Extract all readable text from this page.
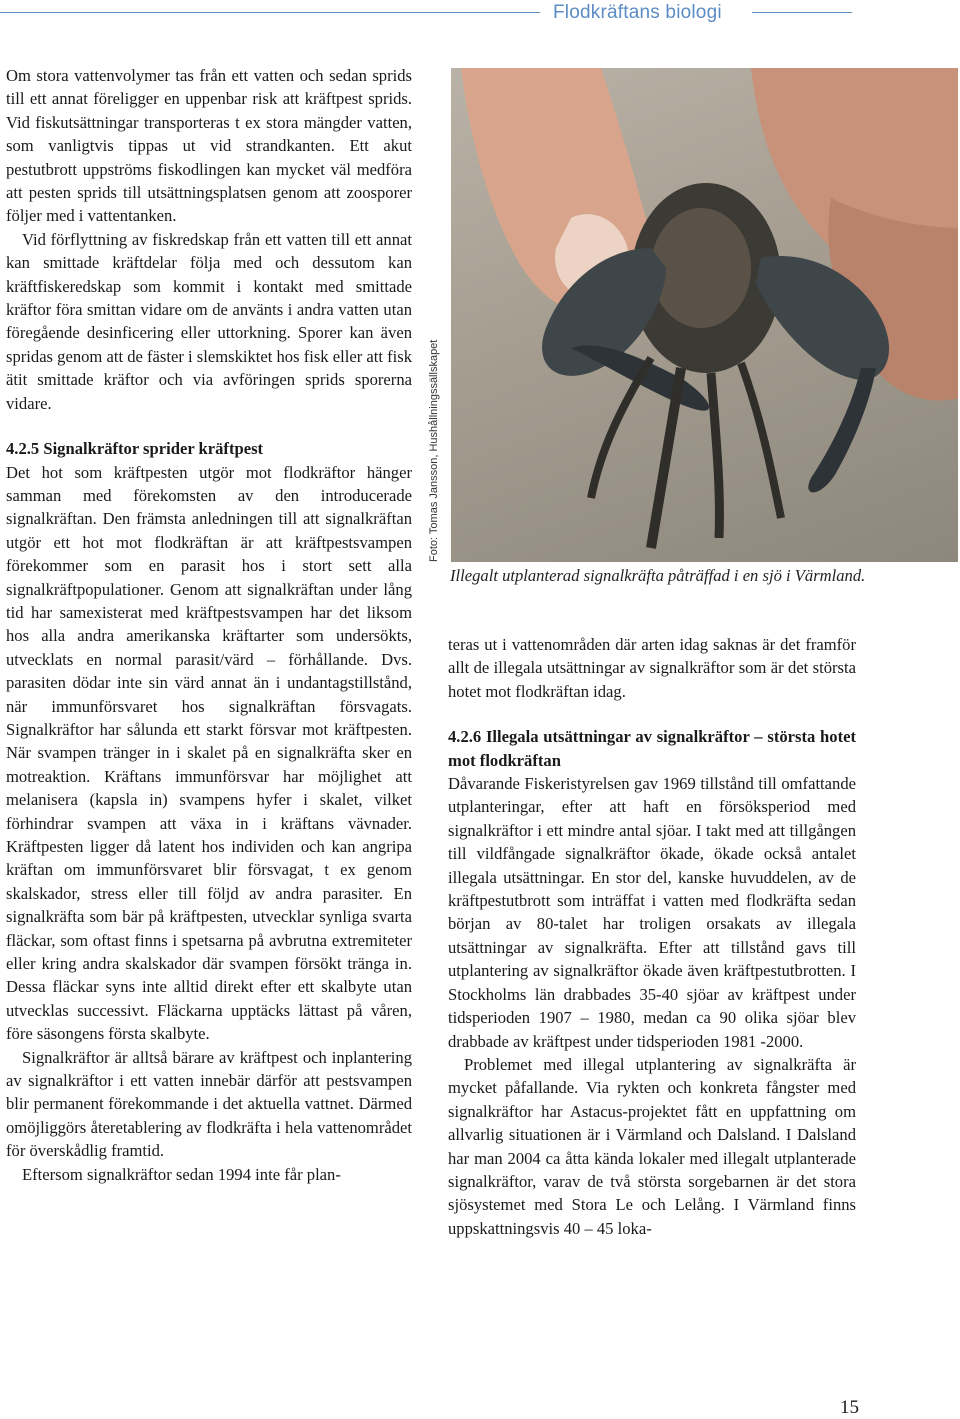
Flodkräftans biologi

Om stora vattenvolymer tas från ett vatten och sedan sprids till ett annat föreligger en uppenbar risk att kräftpest sprids. Vid fiskutsättningar transporteras t ex stora mängder vatten, som vanligtvis tippas ut vid strandkanten. Ett akut pestutbrott uppströms fiskodlingen kan mycket väl medföra att pesten sprids till utsättningsplatsen genom att zoosporer följer med i vattentanken.

Vid förflyttning av fiskredskap från ett vatten till ett annat kan smittade kräftdelar följa med och dessutom kan kräftfiskeredskap som kommit i kontakt med smittade kräftor föra smittan vidare om de använts i andra vatten utan föregående desinficering eller uttorkning. Sporer kan även spridas genom att de fäster i slemskiktet hos fisk eller att fisk ätit smittade kräftor och via avföringen sprids sporerna vidare.

4.2.5 Signalkräftor sprider kräftpest

Det hot som kräftpesten utgör mot flodkräftor hänger samman med förekomsten av den introducerade signalkräftan. Den främsta anledningen till att signalkräftan utgör ett hot mot flodkräftan är att kräftpestsvampen förekommer som en parasit hos i stort sett alla signalkräftpopulationer. Genom att signalkräftan under lång tid har samexisterat med kräftpestsvampen har det liksom hos alla andra amerikanska kräftarter som undersökts, utvecklats en normal parasit/värd – förhållande. Dvs. parasiten dödar inte sin värd annat än i undantagstillstånd, när immunförsvaret hos signalkräftan försvagats. Signalkräftor har sålunda ett starkt försvar mot kräftpesten. När svampen tränger in i skalet på en signalkräfta sker en motreaktion. Kräftans immunförsvar har möjlighet att melanisera (kapsla in) svampens hyfer i skalet, vilket förhindrar svampen att växa in i kräftans vävnader. Kräftpesten ligger då latent hos individen och kan angripa kräftan om immunförsvaret blir försvagat, t ex genom skalskador, stress eller till följd av andra parasiter. En signalkräfta som bär på kräftpesten, utvecklar synliga svarta fläckar, som oftast finns i spetsarna på avbrutna extremiteter eller kring andra skalskador där svampen försökt tränga in. Dessa fläckar syns inte alltid direkt efter ett skalbyte utan utvecklas successivt. Fläckarna upptäcks lättast på våren, före säsongens första skalbyte.

Signalkräftor är alltså bärare av kräftpest och inplantering av signalkräftor i ett vatten innebär därför att pestsvampen blir permanent förekommande i det aktuella vattnet. Därmed omöjliggörs återetablering av flodkräfta i hela vattenområdet för överskådlig framtid.

Eftersom signalkräftor sedan 1994 inte får plan-

Foto: Tomas Jansson, Hushållningssällskapet
Illegalt utplanterad signalkräfta påträffad i en sjö i Värmland.

teras ut i vattenområden där arten idag saknas är det framför allt de illegala utsättningar av signalkräftor som är det största hotet mot flodkräftan idag.

4.2.6 Illegala utsättningar av signalkräftor – största hotet mot flodkräftan

Dåvarande Fiskeristyrelsen gav 1969 tillstånd till omfattande utplanteringar, efter att haft en försöksperiod med signalkräftor i ett mindre antal sjöar. I takt med att tillgången till vildfångade signalkräftor ökade, ökade också antalet illegala utsättningar. En stor del, kanske huvuddelen, av de kräftpestutbrott som inträffat i vatten med flodkräfta sedan början av 80-talet har troligen orsakats av illegala utsättningar av signalkräfta. Efter att tillstånd gavs till utplantering av signalkräftor ökade även kräftpestutbrotten. I Stockholms län drabbades 35-40 sjöar av kräftpest under tidsperioden 1907 – 1980, medan ca 90 olika sjöar blev drabbade av kräftpest under tidsperioden 1981 -2000.

Problemet med illegal utplantering av signalkräfta är mycket påfallande. Via rykten och konkreta fångster med signalkräftor har Astacus-projektet fått en uppfattning om allvarlig situationen är i Värmland och Dalsland. I Dalsland har man 2004 ca åtta kända lokaler med illegalt utplanterade signalkräftor, varav de två största sorgebarnen är det stora sjösystemet med Stora Le och Lelång. I Värmland finns uppskattningsvis 40 – 45 loka-

15
